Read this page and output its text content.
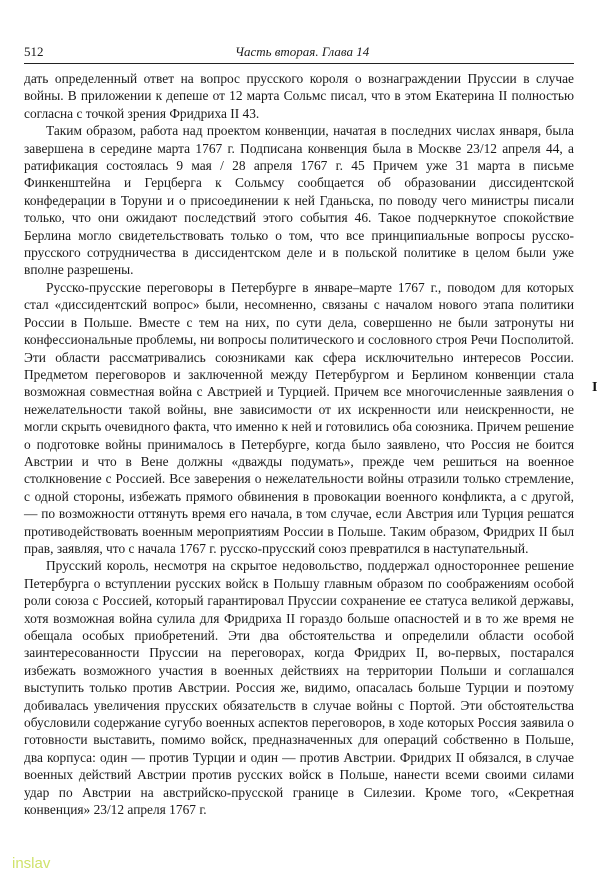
512	Часть вторая. Глава 14

дать определенный ответ на вопрос прусского короля о вознаграждении Пруссии в случае войны. В приложении к депеше от 12 марта Сольмс писал, что в этом Екатерина II полностью согласна с точкой зрения Фридриха II 43.

Таким образом, работа над проектом конвенции, начатая в последних числах января, была завершена в середине марта 1767 г. Подписана конвенция была в Москве 23/12 апреля 44, а ратификация состоялась 9 мая / 28 апреля 1767 г. 45 Причем уже 31 марта в письме Финкенштейна и Герцберга к Сольмсу сообщается об образовании диссидентской конфедерации в Торуни и о присоединении к ней Гданьска, по поводу чего министры писали только, что они ожидают последствий этого события 46. Такое подчеркнутое спокойствие Берлина могло свидетельствовать только о том, что все принципиальные вопросы русско-прусского сотрудничества в диссидентском деле и в польской политике в целом были уже вполне разрешены.

Русско-прусские переговоры в Петербурге в январе–марте 1767 г., поводом для которых стал «диссидентский вопрос» были, несомненно, связаны с началом нового этапа политики России в Польше. Вместе с тем на них, по сути дела, совершенно не были затронуты ни конфессиональные проблемы, ни вопросы политического и сословного строя Речи Посполитой. Эти области рассматривались союзниками как сфера исключительно интересов России. Предметом переговоров и заключенной между Петербургом и Берлином конвенции стала возможная совместная война с Австрией и Турцией. Причем все многочисленные заявления о нежелательности такой войны, вне зависимости от их искренности или неискренности, не могли скрыть очевидного факта, что именно к ней и готовились оба союзника. Причем решение о подготовке войны принималось в Петербурге, когда было заявлено, что Россия не боится Австрии и что в Вене должны «дважды подумать», прежде чем решиться на военное столкновение с Россией. Все заверения о нежелательности войны отразили только стремление, с одной стороны, избежать прямого обвинения в провокации военного конфликта, а с другой, — по возможности оттянуть время его начала, в том случае, если Австрия или Турция решатся противодействовать военным мероприятиям России в Польше. Таким образом, Фридрих II был прав, заявляя, что с начала 1767 г. русско-прусский союз превратился в наступательный.

Прусский король, несмотря на скрытое недовольство, поддержал одностороннее решение Петербурга о вступлении русских войск в Польшу главным образом по соображениям особой роли союза с Россией, который гарантировал Пруссии сохранение ее статуса великой державы, хотя возможная война сулила для Фридриха II гораздо больше опасностей и в то же время не обещала особых приобретений. Эти два обстоятельства и определили области особой заинтересованности Пруссии на переговорах, когда Фридрих II, во-первых, постарался избежать возможного участия в военных действиях на территории Польши и соглашался выступить только против Австрии. Россия же, видимо, опасалась больше Турции и поэтому добивалась увеличения прусских обязательств в случае войны с Портой. Эти обстоятельства обусловили содержание сугубо военных аспектов переговоров, в ходе которых Россия заявила о готовности выставить, помимо войск, предназначенных для операций собственно в Польше, два корпуса: один — против Турции и один — против Австрии. Фридрих II обязался, в случае военных действий Австрии против русских войск в Польше, нанести всеми своими силами удар по Австрии на австрийско-прусской границе в Силезии. Кроме того, «Секретная конвенция» 23/12 апреля 1767 г.

I
inslav
